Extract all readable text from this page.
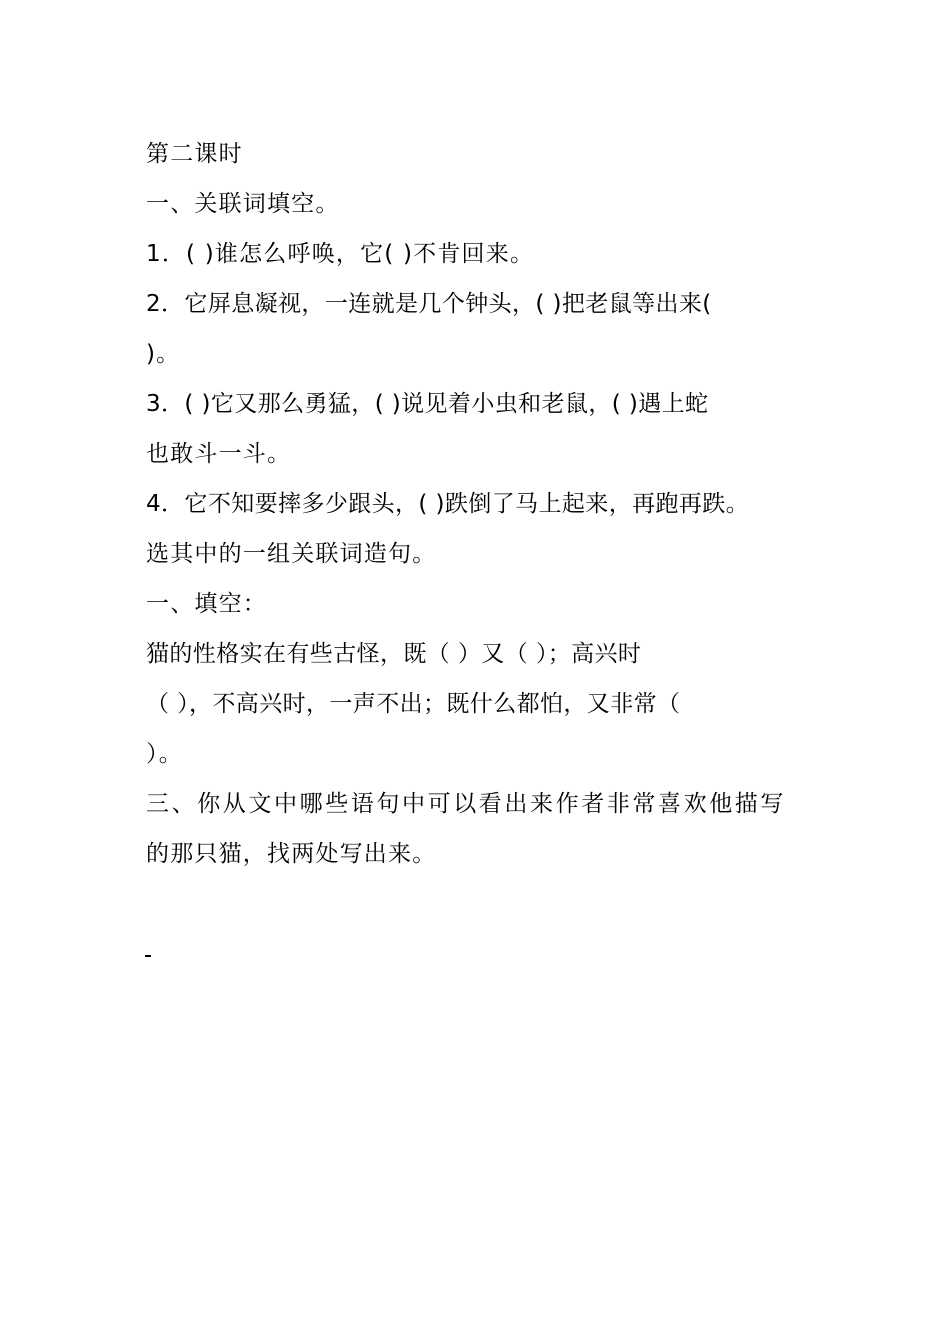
第二课时
一、关联词填空。
1．( )谁怎么呼唤，它( )不肯回来。
2．它屏息凝视，一连就是几个钟头，( )把老鼠等出来(
)。
3．( )它又那么勇猛，( )说见着小虫和老鼠，( )遇上蛇
也敢斗一斗。
4．它不知要摔多少跟头，( )跌倒了马上起来，再跑再跌。
选其中的一组关联词造句。
一、填空：
猫的性格实在有些古怪，既（ ）又（ ）；高兴时
（ ），不高兴时，一声不出；既什么都怕，又非常（
）。
三、你从文中哪些语句中可以看出来作者非常喜欢他描写
的那只猫，找两处写出来。
